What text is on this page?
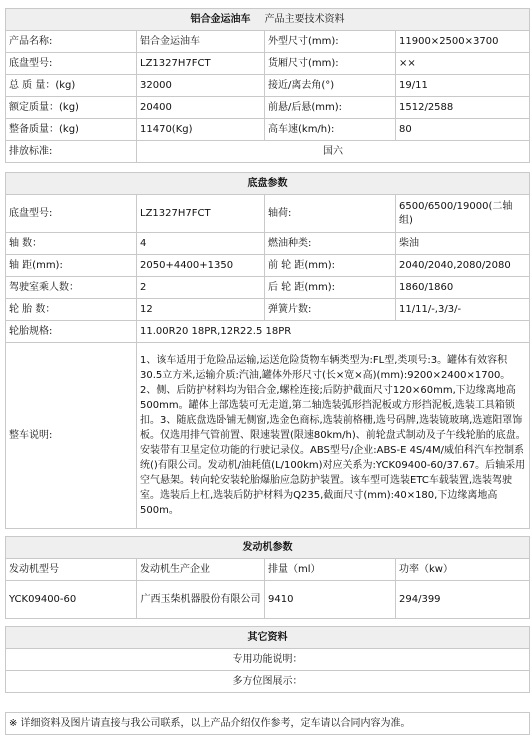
铝合金运油车 产品主要技术资料			
产品名称:	铝合金运油车	外型尺寸(mm):	11900×2500×3700
底盘型号:	LZ1327H7FCT	货厢尺寸(mm):	××
总 质 量：(kg)	32000	接近/离去角(°)	19/11
额定质量：(kg)	20400	前悬/后悬(mm):	1512/2588
整备质量：(kg)	11470(Kg)	高车速(km/h):	80
排放标准:	国六		
底盘参数			
底盘型号:	LZ1327H7FCT	轴荷:	6500/6500/19000(二轴组)
轴 数：	4	燃油种类:	柴油
轴 距(mm):	2050+4400+1350	前 轮 距(mm):	2040/2040,2080/2080
驾驶室乘人数：	2	后 轮 距(mm):	1860/1860
轮 胎 数：	12	弹簧片数:	11/11/-,3/3/-
轮胎规格:	11.00R20 18PR,12R22.5 18PR		
整车说明:	1、该车适用于危险品运输,运送危险货物车辆类型为:FL型,类项号:3。罐体有效容积30.5立方米,运输介质:汽油,罐体外形尺寸(长×宽×高)(mm):9200×2400×1700。2、侧、后防护材料均为铝合金,螺栓连接;后防护截面尺寸120×60mm,下边缘离地高500mm。罐体上部选装可无走道,第二轴选装弧形挡泥板或方形挡泥板,选装工具箱锁扣。3、随底盘选卧铺无侧窗,选金色商标,选装前格栅,选号码牌,选装镜玻璃,选遮阳罩饰板。仅选用排气管前置、限速装置(限速80km/h)、前轮盘式制动及子午线轮胎的底盘。安装带有卫星定位功能的行驶记录仪。ABS型号/企业:ABS-E 4S/4M/威伯科汽车控制系统()有限公司。发动机/油耗值(L/100km)对应关系为:YCK09400-60/37.67。后轴采用空气悬架。转向轮安装轮胎爆胎应急防护装置。该车型可选装ETC车载装置,选装驾驶室。选装后上杠,选装后防护材料为Q235,截面尺寸(mm):40×180,下边缘离地高500m。		
发动机参数			
发动机型号	发动机生产企业	排量（ml）	功率（kw）
YCK09400-60	广西玉柴机器股份有限公司	9410	294/399
其它资料
专用功能说明：
多方位图展示：

※ 详细资料及图片请直接与我公司联系，以上产品介绍仅作参考，定车请以合同内容为准。
